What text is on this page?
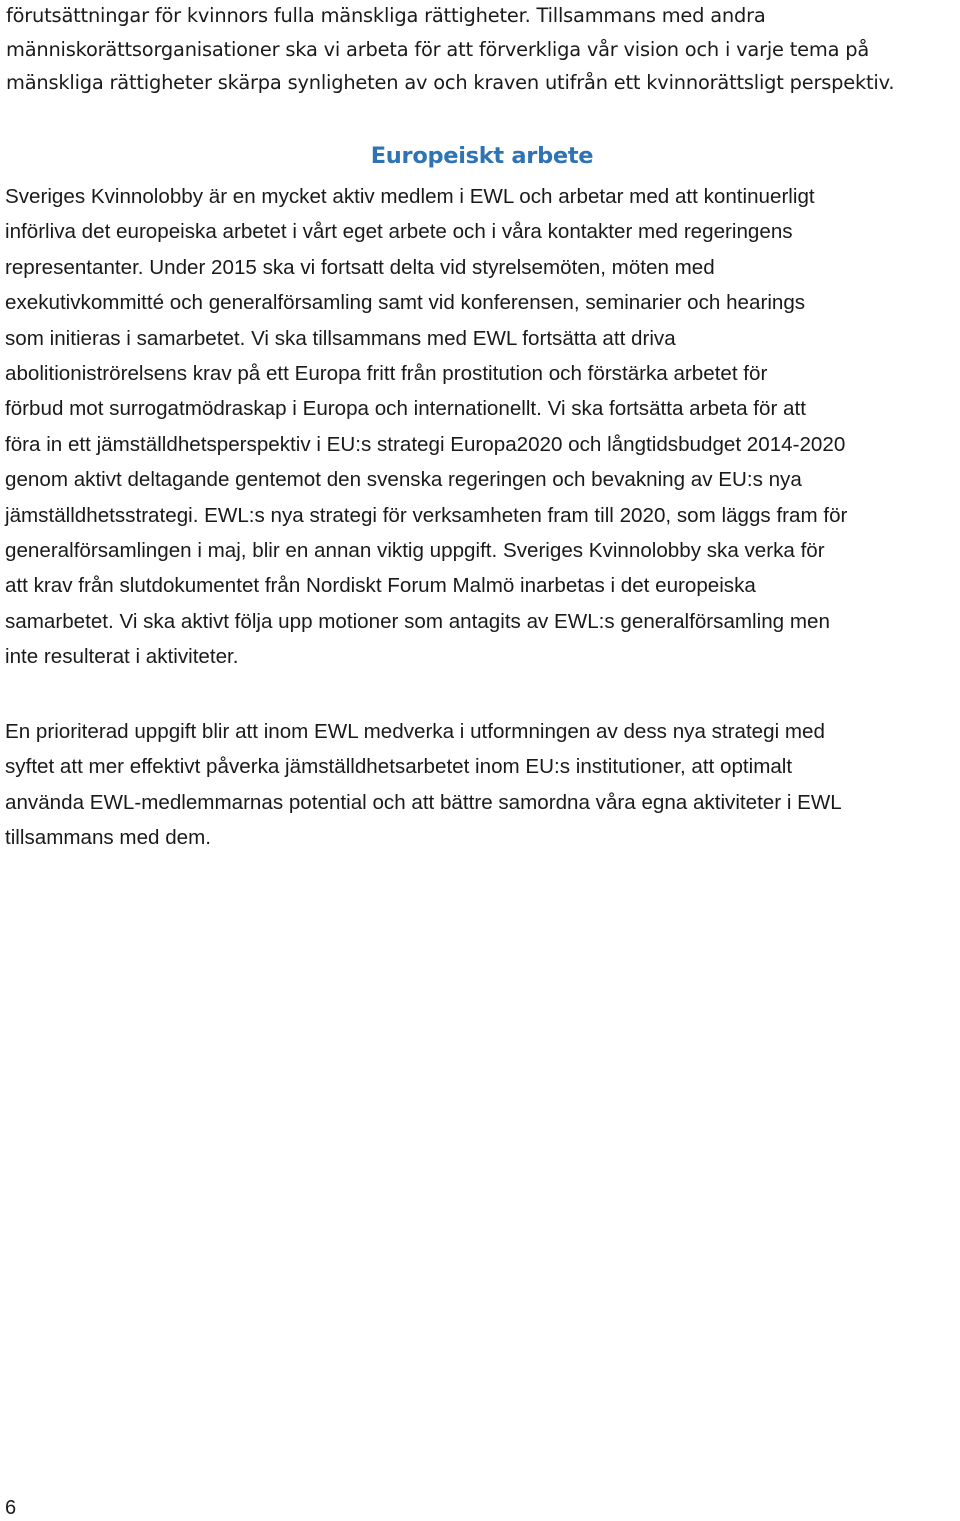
förutsättningar för kvinnors fulla mänskliga rättigheter. Tillsammans med andra
människorättsorganisationer ska vi arbeta för att förverkliga vår vision och i varje tema på
mänskliga rättigheter skärpa synligheten av och kraven utifrån ett kvinnorättsligt perspektiv.

Europeiskt arbete

Sveriges Kvinnolobby är en mycket aktiv medlem i EWL och arbetar med att kontinuerligt
införliva det europeiska arbetet i vårt eget arbete och i våra kontakter med regeringens
representanter. Under 2015 ska vi fortsatt delta vid styrelsemöten, möten med
exekutivkommitté och generalförsamling samt vid konferensen, seminarier och hearings
som initieras i samarbetet. Vi ska tillsammans med EWL fortsätta att driva
abolitioniströrelsens krav på ett Europa fritt från prostitution och förstärka arbetet för
förbud mot surrogatmödraskap i Europa och internationellt. Vi ska fortsätta arbeta för att
föra in ett jämställdhetsperspektiv i EU:s strategi Europa2020 och långtidsbudget 2014-2020
genom aktivt deltagande gentemot den svenska regeringen och bevakning av EU:s nya
jämställdhetsstrategi. EWL:s nya strategi för verksamheten fram till 2020, som läggs fram för
generalförsamlingen i maj, blir en annan viktig uppgift. Sveriges Kvinnolobby ska verka för
att krav från slutdokumentet från Nordiskt Forum Malmö inarbetas i det europeiska
samarbetet. Vi ska aktivt följa upp motioner som antagits av EWL:s generalförsamling men
inte resulterat i aktiviteter.

En prioriterad uppgift blir att inom EWL medverka i utformningen av dess nya strategi med
syftet att mer effektivt påverka jämställdhetsarbetet inom EU:s institutioner, att optimalt
använda EWL-medlemmarnas potential och att bättre samordna våra egna aktiviteter i EWL
tillsammans med dem.

6
